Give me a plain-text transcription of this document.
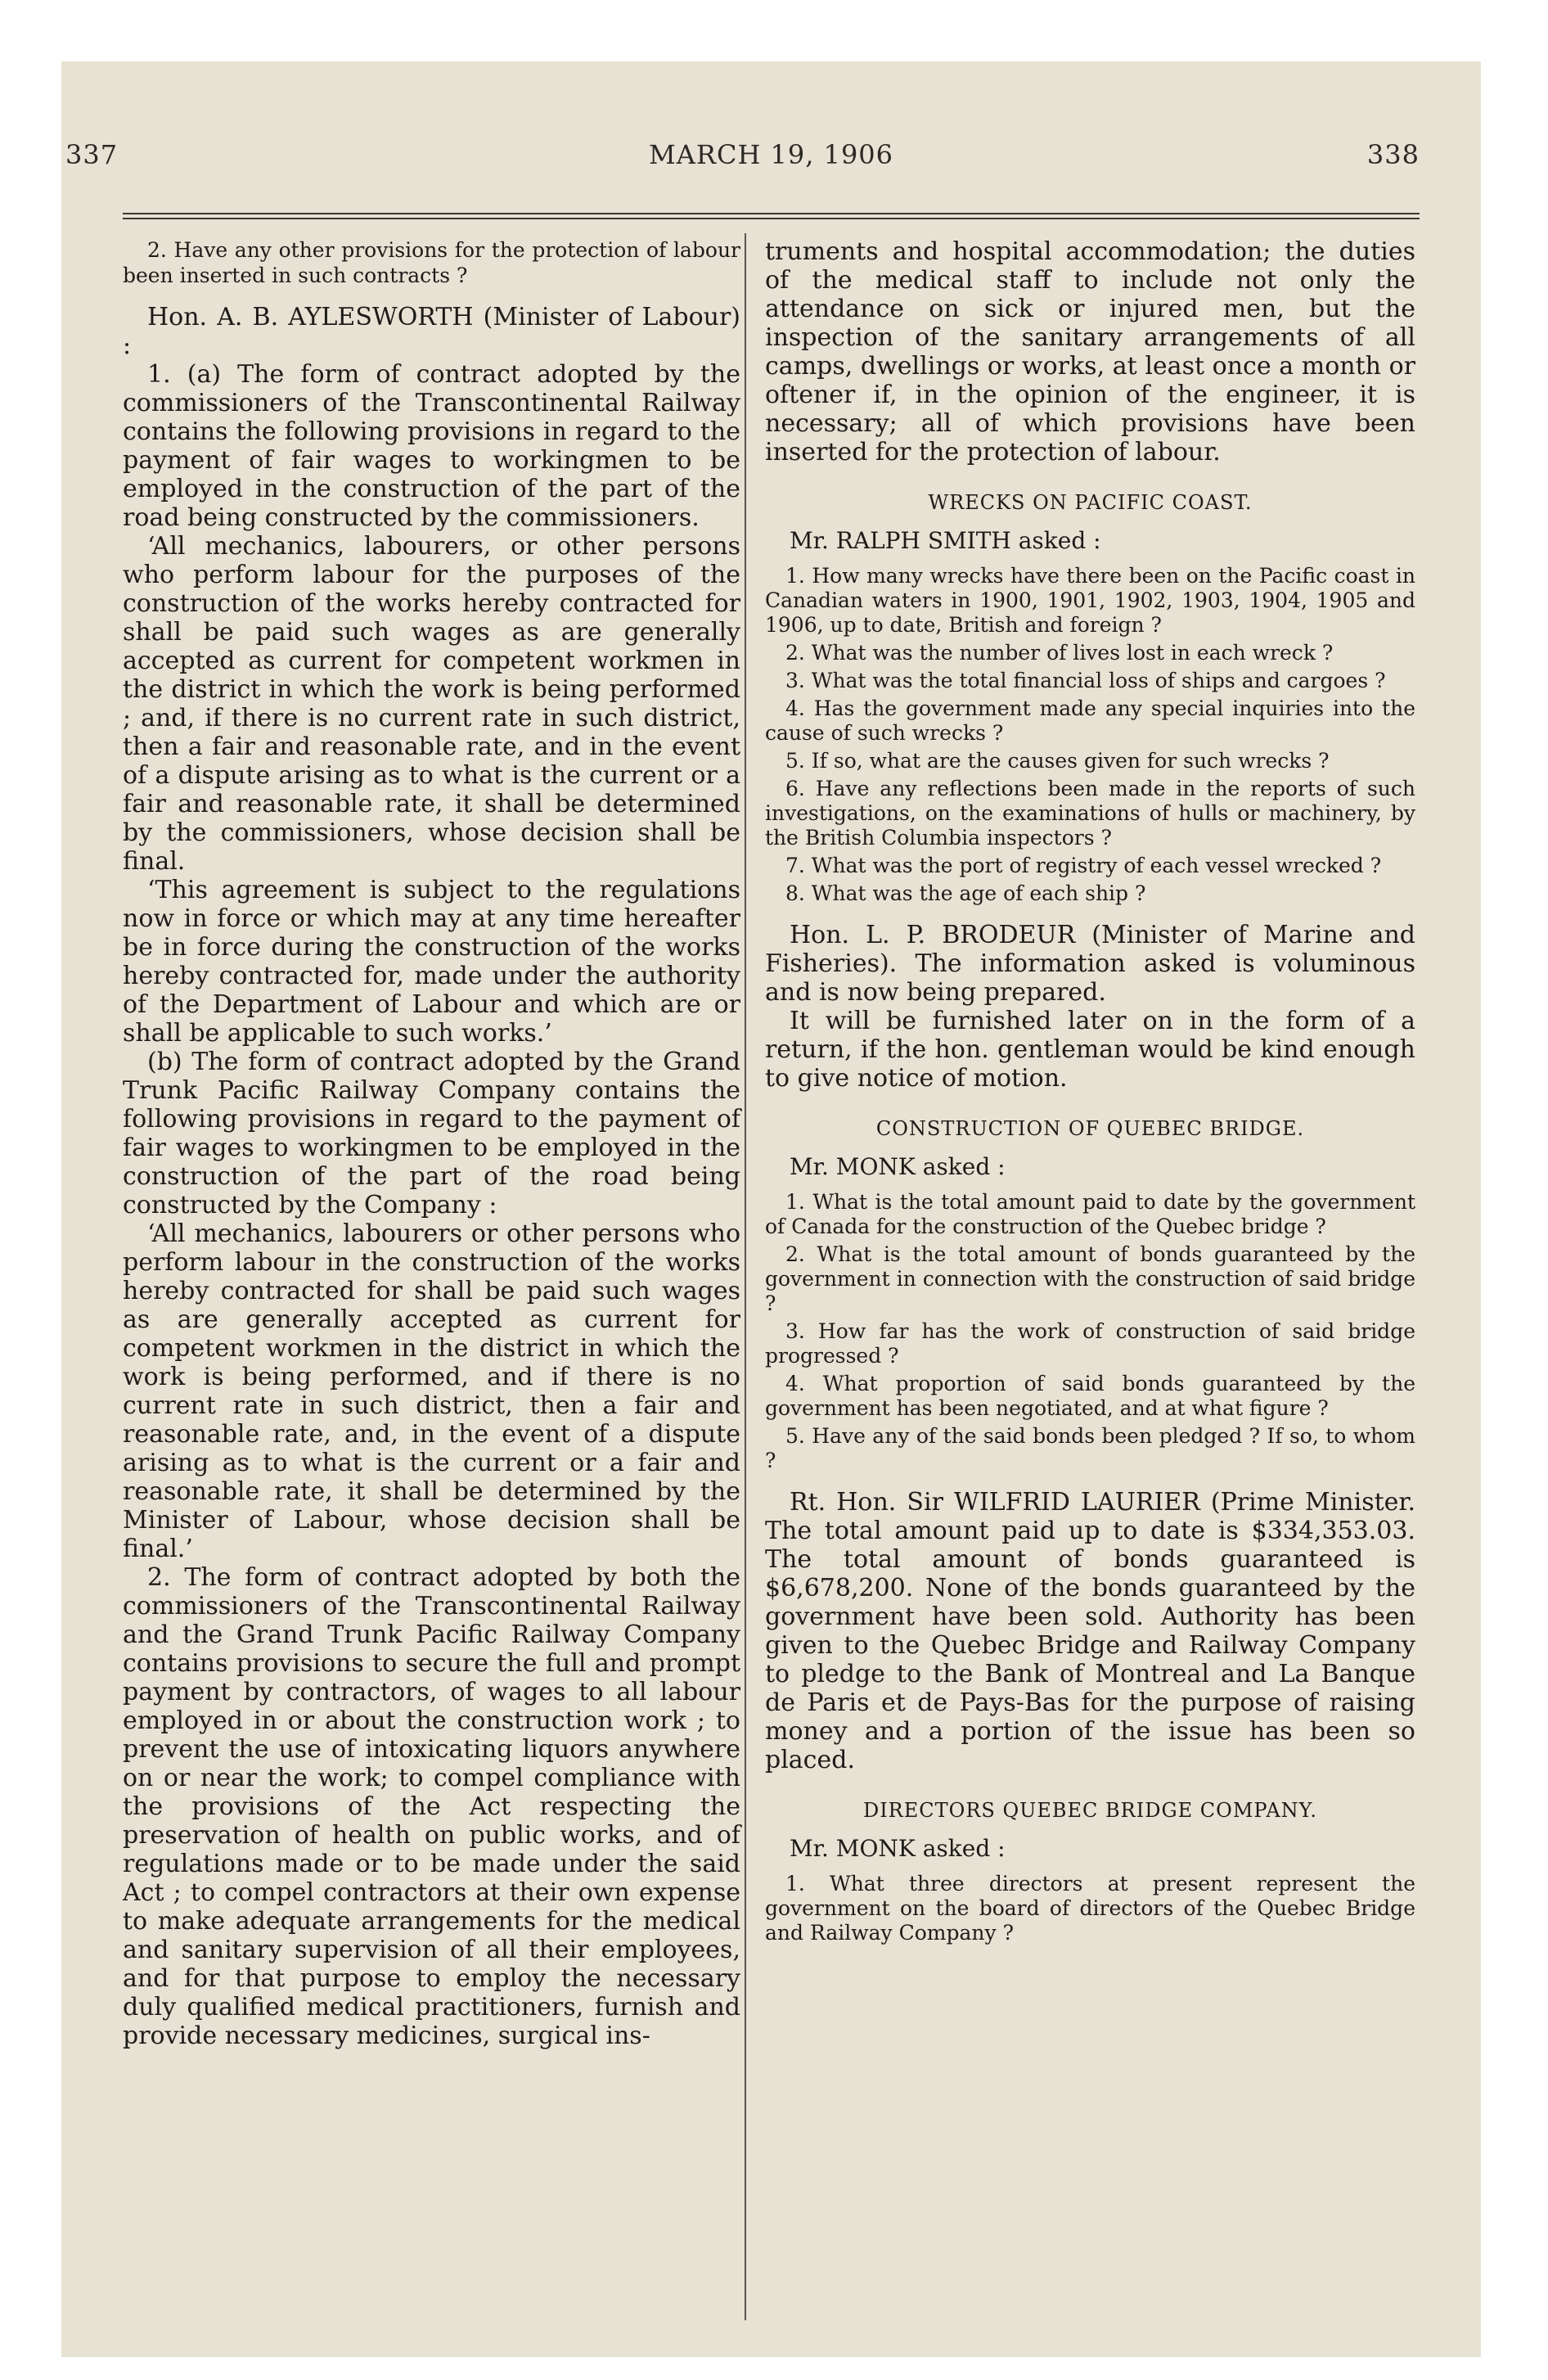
MARCH 19, 1906
337	338

2. Have any other provisions for the protection of labour been inserted in such contracts ?

Hon. A. B. AYLESWORTH (Minister of Labour) :

1. (a) The form of contract adopted by the commissioners of the Transcontinental Railway contains the following provisions in regard to the payment of fair wages to workingmen to be employed in the construction of the part of the road being constructed by the commissioners.

‘All mechanics, labourers, or other persons who perform labour for the purposes of the construction of the works hereby contracted for shall be paid such wages as are generally accepted as current for competent workmen in the district in which the work is being performed ; and, if there is no current rate in such district, then a fair and reasonable rate, and in the event of a dispute arising as to what is the current or a fair and reasonable rate, it shall be determined by the commissioners, whose decision shall be final.

‘This agreement is subject to the regulations now in force or which may at any time hereafter be in force during the construction of the works hereby contracted for, made under the authority of the Department of Labour and which are or shall be applicable to such works.’

(b) The form of contract adopted by the Grand Trunk Pacific Railway Company contains the following provisions in regard to the payment of fair wages to workingmen to be employed in the construction of the part of the road being constructed by the Company :

‘All mechanics, labourers or other persons who perform labour in the construction of the works hereby contracted for shall be paid such wages as are generally accepted as current for competent workmen in the district in which the work is being performed, and if there is no current rate in such district, then a fair and reasonable rate, and, in the event of a dispute arising as to what is the current or a fair and reasonable rate, it shall be determined by the Minister of Labour, whose decision shall be final.’

2. The form of contract adopted by both the commissioners of the Transcontinental Railway and the Grand Trunk Pacific Railway Company contains provisions to secure the full and prompt payment by contractors, of wages to all labour employed in or about the construction work ; to prevent the use of intoxicating liquors anywhere on or near the work; to compel compliance with the provisions of the Act respecting the preservation of health on public works, and of regulations made or to be made under the said Act ; to compel contractors at their own expense to make adequate arrangements for the medical and sanitary supervision of all their employees, and for that purpose to employ the necessary duly qualified medical practitioners, furnish and provide necessary medicines, surgical ins-

truments and hospital accommodation; the duties of the medical staff to include not only the attendance on sick or injured men, but the inspection of the sanitary arrangements of all camps, dwellings or works, at least once a month or oftener if, in the opinion of the engineer, it is necessary; all of which provisions have been inserted for the protection of labour.

WRECKS ON PACIFIC COAST.
Mr. RALPH SMITH asked :

1. How many wrecks have there been on the Pacific coast in Canadian waters in 1900, 1901, 1902, 1903, 1904, 1905 and 1906, up to date, British and foreign ?

2. What was the number of lives lost in each wreck ?

3. What was the total financial loss of ships and cargoes ?

4. Has the government made any special inquiries into the cause of such wrecks ?

5. If so, what are the causes given for such wrecks ?

6. Have any reflections been made in the reports of such investigations, on the examinations of hulls or machinery, by the British Columbia inspectors ?

7. What was the port of registry of each vessel wrecked ?

8. What was the age of each ship ?

Hon. L. P. BRODEUR (Minister of Marine and Fisheries). The information asked is voluminous and is now being prepared.

It will be furnished later on in the form of a return, if the hon. gentleman would be kind enough to give notice of motion.

CONSTRUCTION OF QUEBEC BRIDGE.
Mr. MONK asked :

1. What is the total amount paid to date by the government of Canada for the construction of the Quebec bridge ?

2. What is the total amount of bonds guaranteed by the government in connection with the construction of said bridge ?

3. How far has the work of construction of said bridge progressed ?

4. What proportion of said bonds guaranteed by the government has been negotiated, and at what figure ?

5. Have any of the said bonds been pledged ? If so, to whom ?

Rt. Hon. Sir WILFRID LAURIER (Prime Minister. The total amount paid up to date is $334,353.03. The total amount of bonds guaranteed is $6,678,200. None of the bonds guaranteed by the government have been sold. Authority has been given to the Quebec Bridge and Railway Company to pledge to the Bank of Montreal and La Banque de Paris et de Pays-Bas for the purpose of raising money and a portion of the issue has been so placed.

DIRECTORS QUEBEC BRIDGE COMPANY.
Mr. MONK asked :

1. What three directors at present represent the government on the board of directors of the Quebec Bridge and Railway Company ?
